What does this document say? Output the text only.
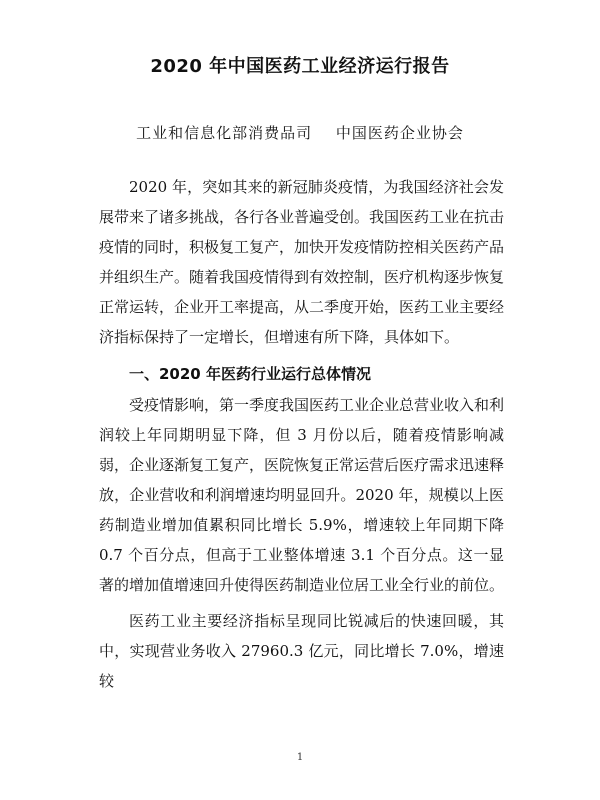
2020 年中国医药工业经济运行报告
工业和信息化部消费品司 中国医药企业协会

2020 年，突如其来的新冠肺炎疫情，为我国经济社会发展带来了诸多挑战，各行各业普遍受创。我国医药工业在抗击疫情的同时，积极复工复产，加快开发疫情防控相关医药产品并组织生产。随着我国疫情得到有效控制，医疗机构逐步恢复正常运转，企业开工率提高，从二季度开始，医药工业主要经济指标保持了一定增长，但增速有所下降，具体如下。

一、2020 年医药行业运行总体情况

受疫情影响，第一季度我国医药工业企业总营业收入和利润较上年同期明显下降，但 3 月份以后，随着疫情影响减弱，企业逐渐复工复产，医院恢复正常运营后医疗需求迅速释放，企业营收和利润增速均明显回升。2020 年，规模以上医药制造业增加值累积同比增长 5.9%，增速较上年同期下降 0.7 个百分点，但高于工业整体增速 3.1 个百分点。这一显著的增加值增速回升使得医药制造业位居工业全行业的前位。

医药工业主要经济指标呈现同比锐减后的快速回暖，其中，实现营业务收入 27960.3 亿元，同比增长 7.0%，增速较

1
